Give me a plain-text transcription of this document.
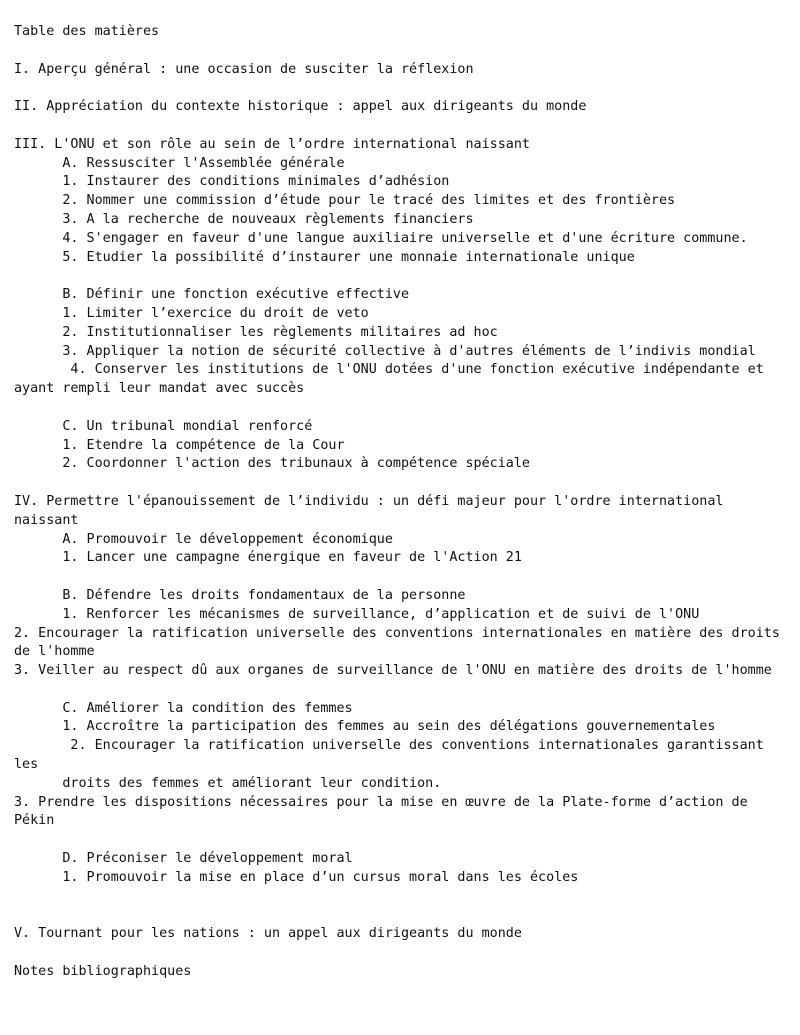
Table des matières
I. Aperçu général : une occasion de susciter la réflexion
II. Appréciation du contexte historique : appel aux dirigeants du monde
III. L'ONU et son rôle au sein de l’ordre international naissant
A. Ressusciter l'Assemblée générale
1. Instaurer des conditions minimales d’adhésion
2. Nommer une commission d’étude pour le tracé des limites et des frontières
3. A la recherche de nouveaux règlements financiers
4. S'engager en faveur d'une langue auxiliaire universelle et d'une écriture commune.
5. Etudier la possibilité d’instaurer une monnaie internationale unique
B. Définir une fonction exécutive effective
1. Limiter l’exercice du droit de veto
2. Institutionnaliser les règlements militaires ad hoc
3. Appliquer la notion de sécurité collective à d'autres éléments de l’indivis mondial
4. Conserver les institutions de l'ONU dotées d'une fonction exécutive indépendante et
ayant rempli leur mandat avec succès
C. Un tribunal mondial renforcé
1. Etendre la compétence de la Cour
2. Coordonner l'action des tribunaux à compétence spéciale
IV. Permettre l'épanouissement de l’individu : un défi majeur pour l'ordre international
naissant
A. Promouvoir le développement économique
1. Lancer une campagne énergique en faveur de l'Action 21
B. Défendre les droits fondamentaux de la personne
1. Renforcer les mécanismes de surveillance, d’application et de suivi de l'ONU
2. Encourager la ratification universelle des conventions internationales en matière des droits
de l'homme
3. Veiller au respect dû aux organes de surveillance de l'ONU en matière des droits de l'homme
C. Améliorer la condition des femmes
1. Accroître la participation des femmes au sein des délégations gouvernementales
2. Encourager la ratification universelle des conventions internationales garantissant
les
droits des femmes et améliorant leur condition.
3. Prendre les dispositions nécessaires pour la mise en œuvre de la Plate-forme d’action de
Pékin
D. Préconiser le développement moral
1. Promouvoir la mise en place d’un cursus moral dans les écoles
V. Tournant pour les nations : un appel aux dirigeants du monde
Notes bibliographiques
